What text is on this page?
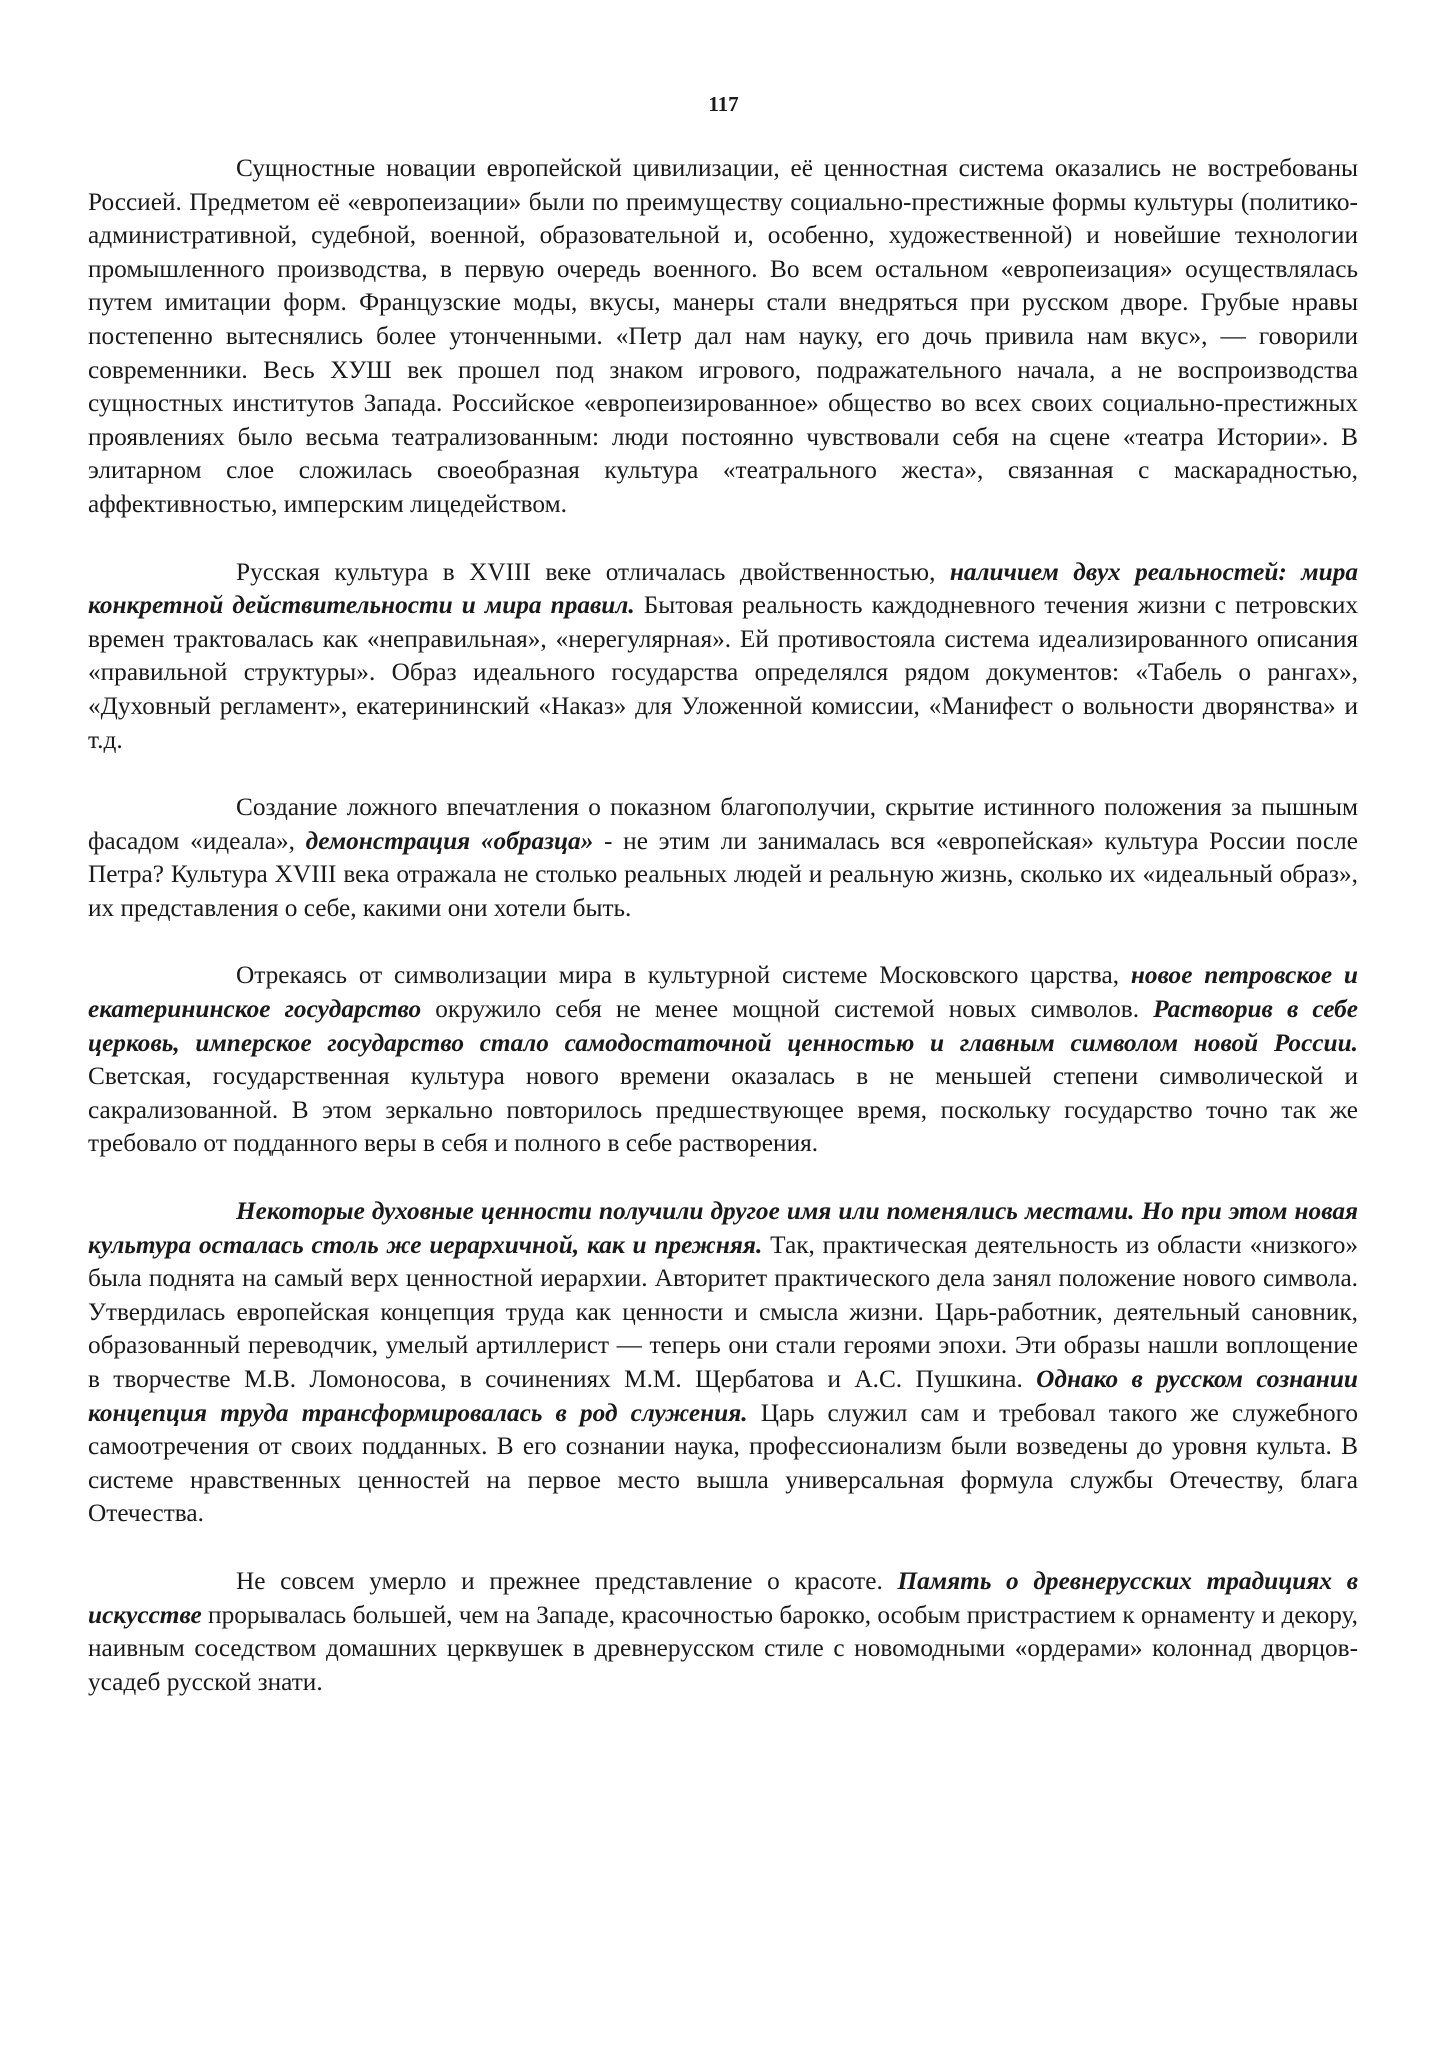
117

Сущностные новации европейской цивилизации, её ценностная система оказались не востребованы Россией. Предметом её «европеизации» были по преимуществу социально-престижные формы культуры (политико-административной, судебной, военной, образовательной и, особенно, художественной) и новейшие технологии промышленного производства, в первую очередь военного. Во всем остальном «европеизация» осуществлялась путем имитации форм. Французские моды, вкусы, манеры стали внедряться при русском дворе. Грубые нравы постепенно вытеснялись более утонченными. «Петр дал нам науку, его дочь привила нам вкус», — говорили современники. Весь ХУШ век прошел под знаком игрового, подражательного начала, а не воспроизводства сущностных институтов Запада. Российское «европеизированное» общество во всех своих социально-престижных проявлениях было весьма театрализованным: люди постоянно чувствовали себя на сцене «театра Истории». В элитарном слое сложилась своеобразная культура «театрального жеста», связанная с маскарадностью, аффективностью, имперским лицедейством.

Русская культура в XVIII веке отличалась двойственностью, наличием двух реальностей: мира конкретной действительности и мира правил. Бытовая реальность каждодневного течения жизни с петровских времен трактовалась как «неправильная», «нерегулярная». Ей противостояла система идеализированного описания «правильной структуры». Образ идеального государства определялся рядом документов: «Табель о рангах», «Духовный регламент», екатерининский «Наказ» для Уложенной комиссии, «Манифест о вольности дворянства» и т.д.

Создание ложного впечатления о показном благополучии, скрытие истинного положения за пышным фасадом «идеала», демонстрация «образца» - не этим ли занималась вся «европейская» культура России после Петра? Культура XVIII века отражала не столько реальных людей и реальную жизнь, сколько их «идеальный образ», их представления о себе, какими они хотели быть.

Отрекаясь от символизации мира в культурной системе Московского царства, новое петровское и екатерининское государство окружило себя не менее мощной системой новых символов. Растворив в себе церковь, имперское государство стало самодостаточной ценностью и главным символом новой России. Светская, государственная культура нового времени оказалась в не меньшей степени символической и сакрализованной. В этом зеркально повторилось предшествующее время, поскольку государство точно так же требовало от подданного веры в себя и полного в себе растворения.

Некоторые духовные ценности получили другое имя или поменялись местами. Но при этом новая культура осталась столь же иерархичной, как и прежняя. Так, практическая деятельность из области «низкого» была поднята на самый верх ценностной иерархии. Авторитет практического дела занял положение нового символа. Утвердилась европейская концепция труда как ценности и смысла жизни. Царь-работник, деятельный сановник, образованный переводчик, умелый артиллерист — теперь они стали героями эпохи. Эти образы нашли воплощение в творчестве М.В. Ломоносова, в сочинениях М.М. Щербатова и А.С. Пушкина. Однако в русском сознании концепция труда трансформировалась в род служения. Царь служил сам и требовал такого же служебного самоотречения от своих подданных. В его сознании наука, профессионализм были возведены до уровня культа. В системе нравственных ценностей на первое место вышла универсальная формула службы Отечеству, блага Отечества.

Не совсем умерло и прежнее представление о красоте. Память о древнерусских традициях в искусстве прорывалась большей, чем на Западе, красочностью барокко, особым пристрастием к орнаменту и декору, наивным соседством домашних церквушек в древнерусском стиле с новомодными «ордерами» колоннад дворцов-усадеб русской знати.
